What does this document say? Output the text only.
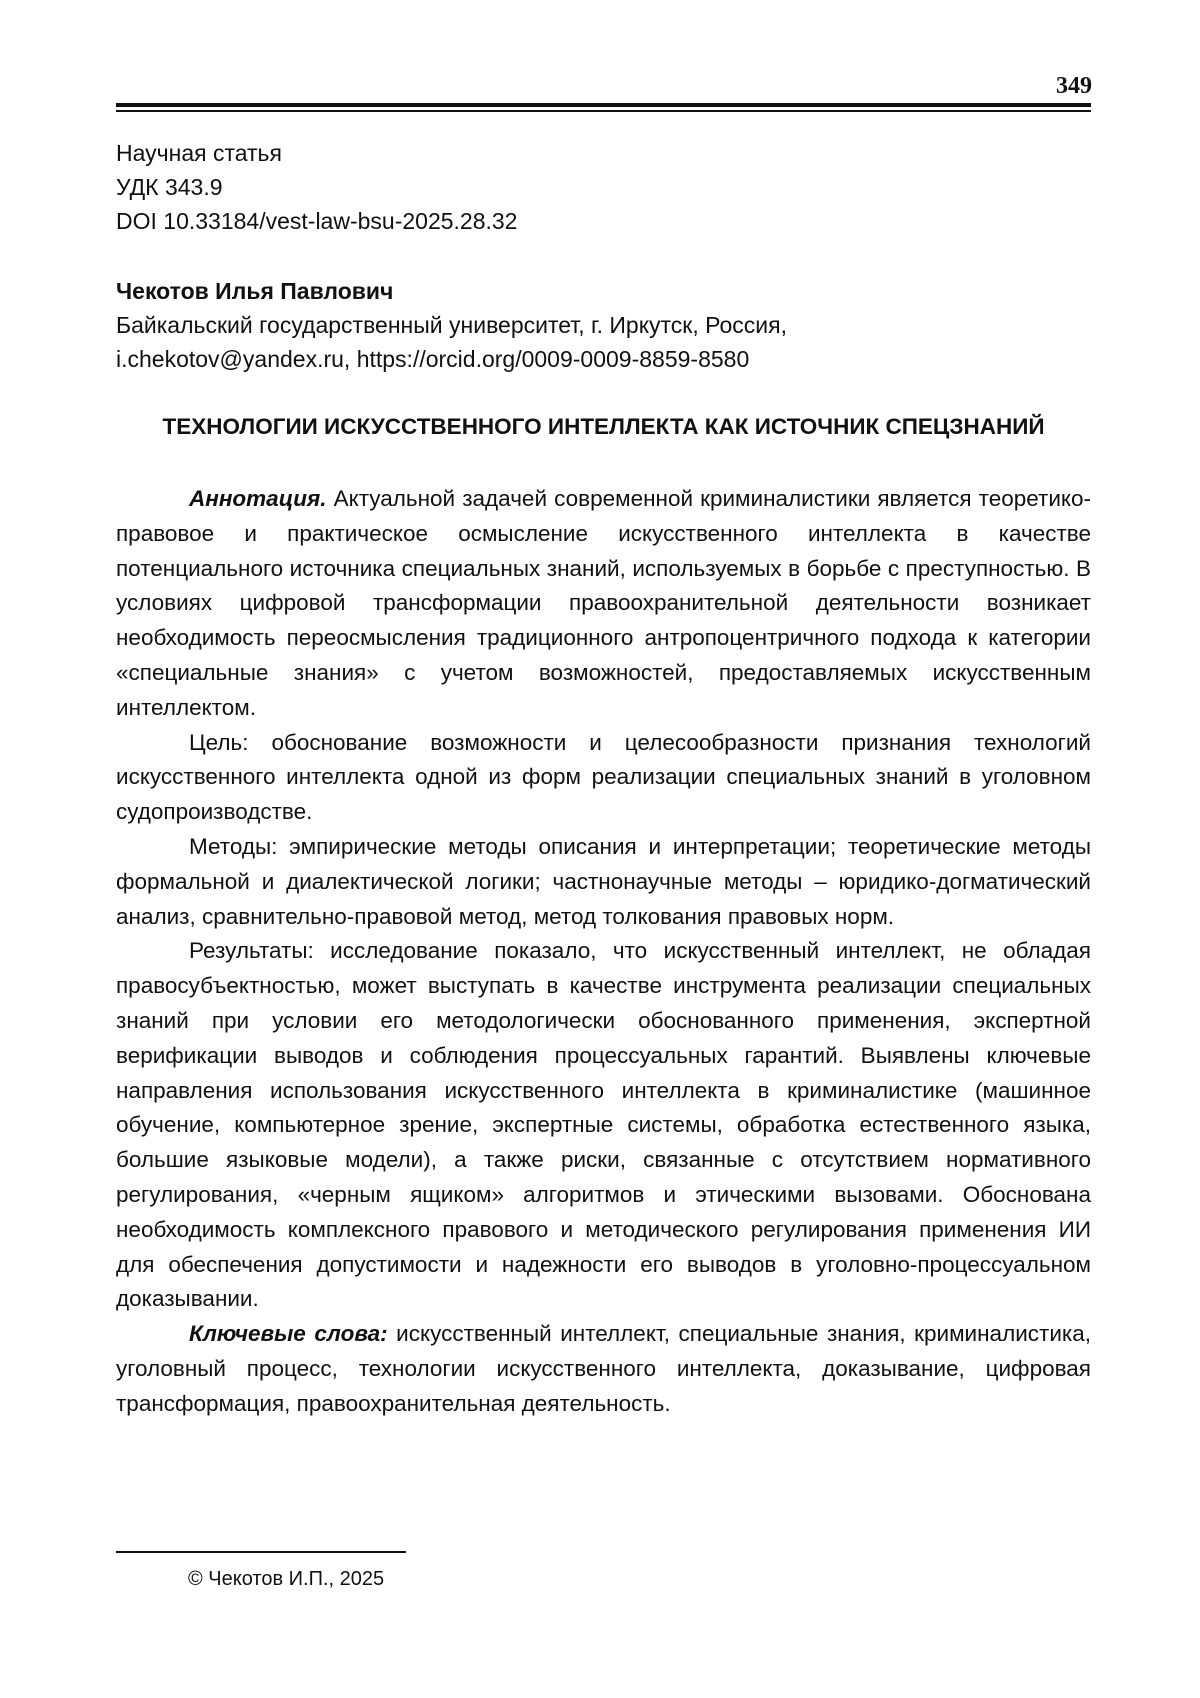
349
Научная статья
УДК 343.9
DOI 10.33184/vest-law-bsu-2025.28.32
Чекотов Илья Павлович
Байкальский государственный университет, г. Иркутск, Россия,
i.chekotov@yandex.ru, https://orcid.org/0009-0009-8859-8580
ТЕХНОЛОГИИ ИСКУССТВЕННОГО ИНТЕЛЛЕКТА КАК ИСТОЧНИК СПЕЦЗНАНИЙ

Аннотация. Актуальной задачей современной криминалистики является теоретико-правовое и практическое осмысление искусственного интеллекта в качестве потенциального источника специальных знаний, используемых в борьбе с преступностью. В условиях цифровой трансформации правоохранительной деятельности возникает необходимость переосмысления традиционного антропоцентричного подхода к категории «специальные знания» с учетом возможностей, предоставляемых искусственным интеллектом.

Цель: обоснование возможности и целесообразности признания технологий искусственного интеллекта одной из форм реализации специальных знаний в уголовном судопроизводстве.

Методы: эмпирические методы описания и интерпретации; теоретические методы формальной и диалектической логики; частнонаучные методы – юридико-догматический анализ, сравнительно-правовой метод, метод толкования правовых норм.

Результаты: исследование показало, что искусственный интеллект, не обладая правосубъектностью, может выступать в качестве инструмента реализации специальных знаний при условии его методологически обоснованного применения, экспертной верификации выводов и соблюдения процессуальных гарантий. Выявлены ключевые направления использования искусственного интеллекта в криминалистике (машинное обучение, компьютерное зрение, экспертные системы, обработка естественного языка, большие языковые модели), а также риски, связанные с отсутствием нормативного регулирования, «черным ящиком» алгоритмов и этическими вызовами. Обоснована необходимость комплексного правового и методического регулирования применения ИИ для обеспечения допустимости и надежности его выводов в уголовно-процессуальном доказывании.

Ключевые слова: искусственный интеллект, специальные знания, криминалистика, уголовный процесс, технологии искусственного интеллекта, доказывание, цифровая трансформация, правоохранительная деятельность.

© Чекотов И.П., 2025
